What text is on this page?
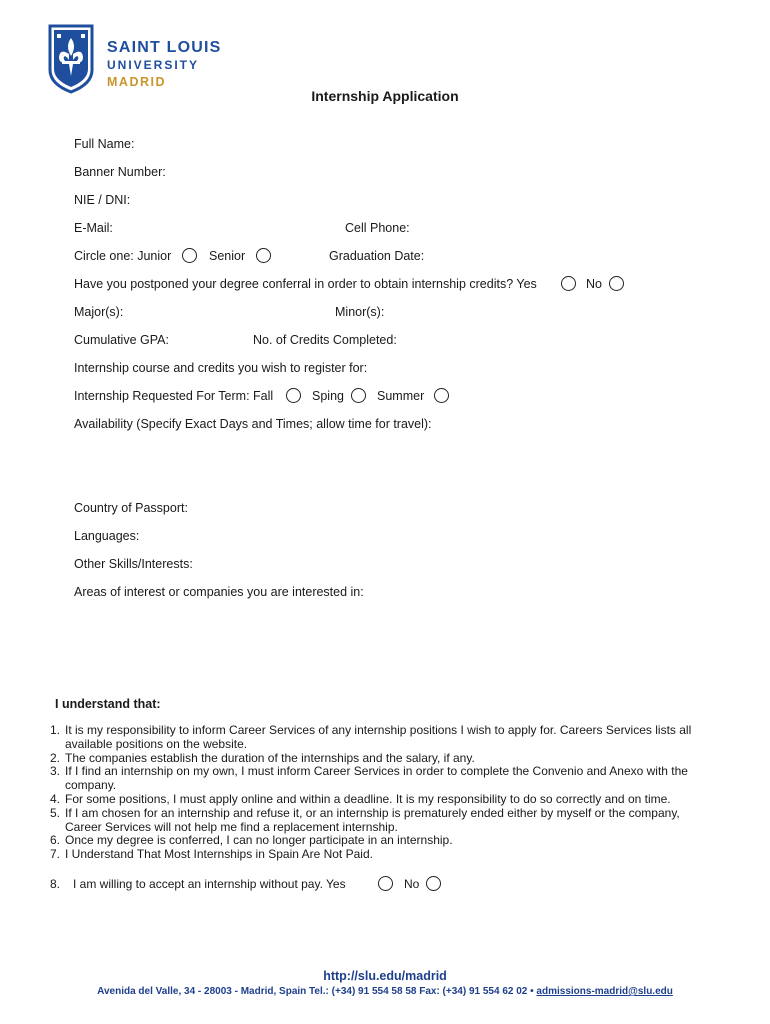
SAINT LOUIS
UNIVERSITY
MADRID
Internship Application
Full Name:
Banner Number:
NIE / DNI:
E-Mail:	Cell Phone:
Circle one: Junior	Senior	Graduation Date:
Have you postponed your degree conferral in order to obtain internship credits? Yes	No
Major(s):	Minor(s):
Cumulative GPA:	No. of Credits Completed:
Internship course and credits you wish to register for:
Internship Requested For Term: Fall	Sping	Summer
Availability (Specify Exact Days and Times; allow time for travel):
Country of Passport:
Languages:
Other Skills/Interests:
Areas of interest or companies you are interested in:
I understand that:
1. It is my responsibility to inform Career Services of any internship positions I wish to apply for. Careers Services lists all available positions on the website.
2. The companies establish the duration of the internships and the salary, if any.
3. If I find an internship on my own, I must inform Career Services in order to complete the Convenio and Anexo with the company.
4. For some positions, I must apply online and within a deadline. It is my responsibility to do so correctly and on time.
5. If I am chosen for an internship and refuse it, or an internship is prematurely ended either by myself or the company, Career Services will not help me find a replacement internship.
6. Once my degree is conferred, I can no longer participate in an internship.
7. I Understand That Most Internships in Spain Are Not Paid.
8. I am willing to accept an internship without pay. Yes	No
http://slu.edu/madrid
Avenida del Valle, 34 - 28003 - Madrid, Spain Tel.: (+34) 91 554 58 58 Fax: (+34) 91 554 62 02 • admissions-madrid@slu.edu
